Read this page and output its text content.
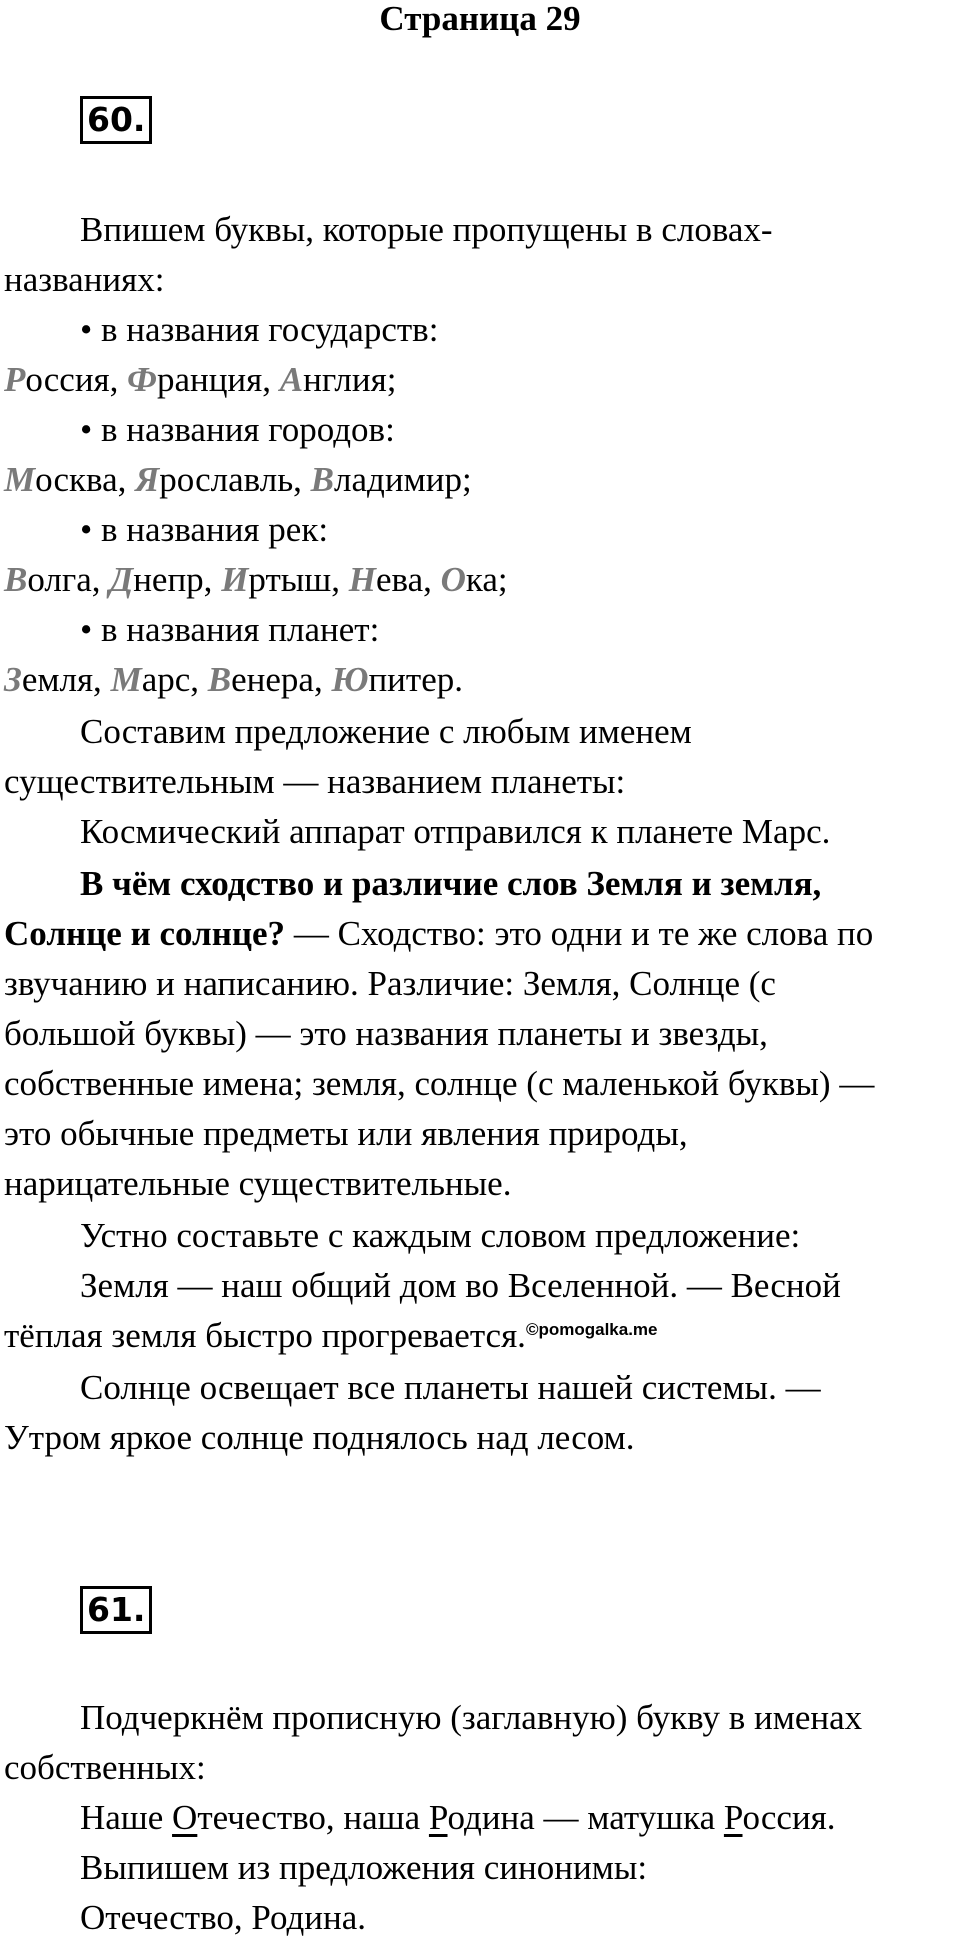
Страница 29
60.
Впишем буквы, которые пропущены в словах-
названиях:
• в названия государств:
Россия, Франция, Англия;
• в названия городов:
Москва, Ярославль, Владимир;
• в названия рек:
Волга, Днепр, Иртыш, Нева, Ока;
• в названия планет:
Земля, Марс, Венера, Юпитер.
Составим предложение с любым именем
существительным — названием планеты:
Космический аппарат отправился к планете Марс.
В чём сходство и различие слов Земля и земля,
Солнце и солнце? — Сходство: это одни и те же слова по
звучанию и написанию. Различие: Земля, Солнце (с
большой буквы) — это названия планеты и звезды,
собственные имена; земля, солнце (с маленькой буквы) —
это обычные предметы или явления природы,
нарицательные существительные.
Устно составьте с каждым словом предложение:
Земля — наш общий дом во Вселенной. — Весной
тёплая земля быстро прогревается.$^{©pomogalka.me}$
Солнце освещает все планеты нашей системы. —
Утром яркое солнце поднялось над лесом.
61.
Подчеркнём прописную (заглавную) букву в именах
собственных:
Наше Отечество, наша Родина — матушка Россия.
Выпишем из предложения синонимы:
Отечество, Родина.
